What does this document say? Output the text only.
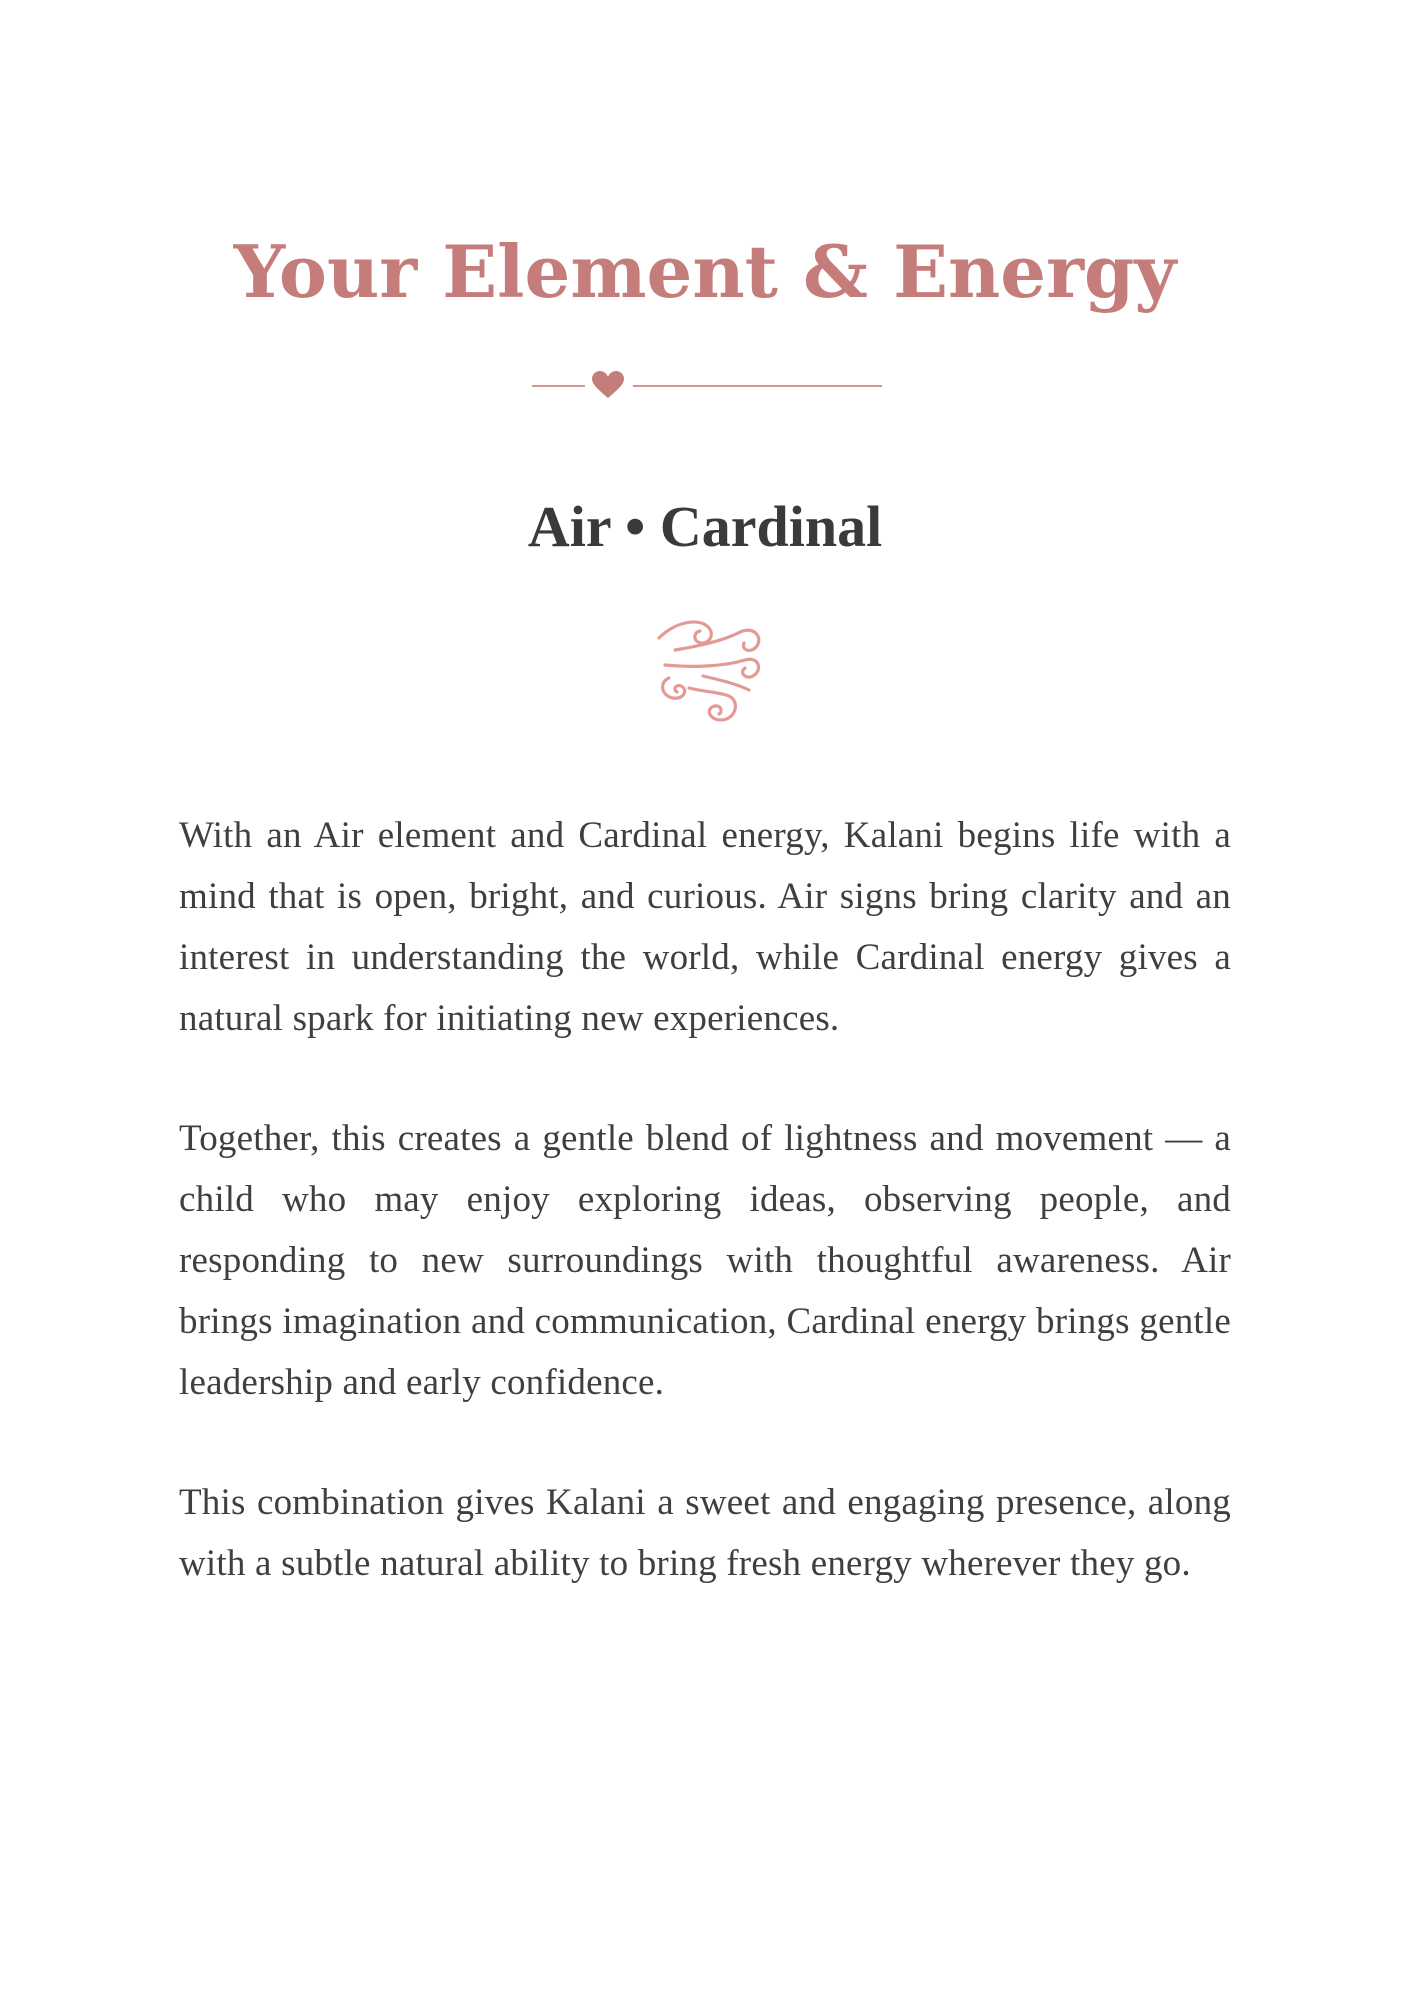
Your Element & Energy
Air • Cardinal

With an Air element and Cardinal energy, Kalani begins life with a mind that is open, bright, and curious. Air signs bring clarity and an interest in understanding the world, while Cardinal energy gives a natural spark for initiating new experiences.

Together, this creates a gentle blend of lightness and movement — a child who may enjoy exploring ideas, observing people, and responding to new surroundings with thoughtful awareness. Air brings imagination and communication, Cardinal energy brings gentle leadership and early confidence.

This combination gives Kalani a sweet and engaging presence, along with a subtle natural ability to bring fresh energy wherever they go.
